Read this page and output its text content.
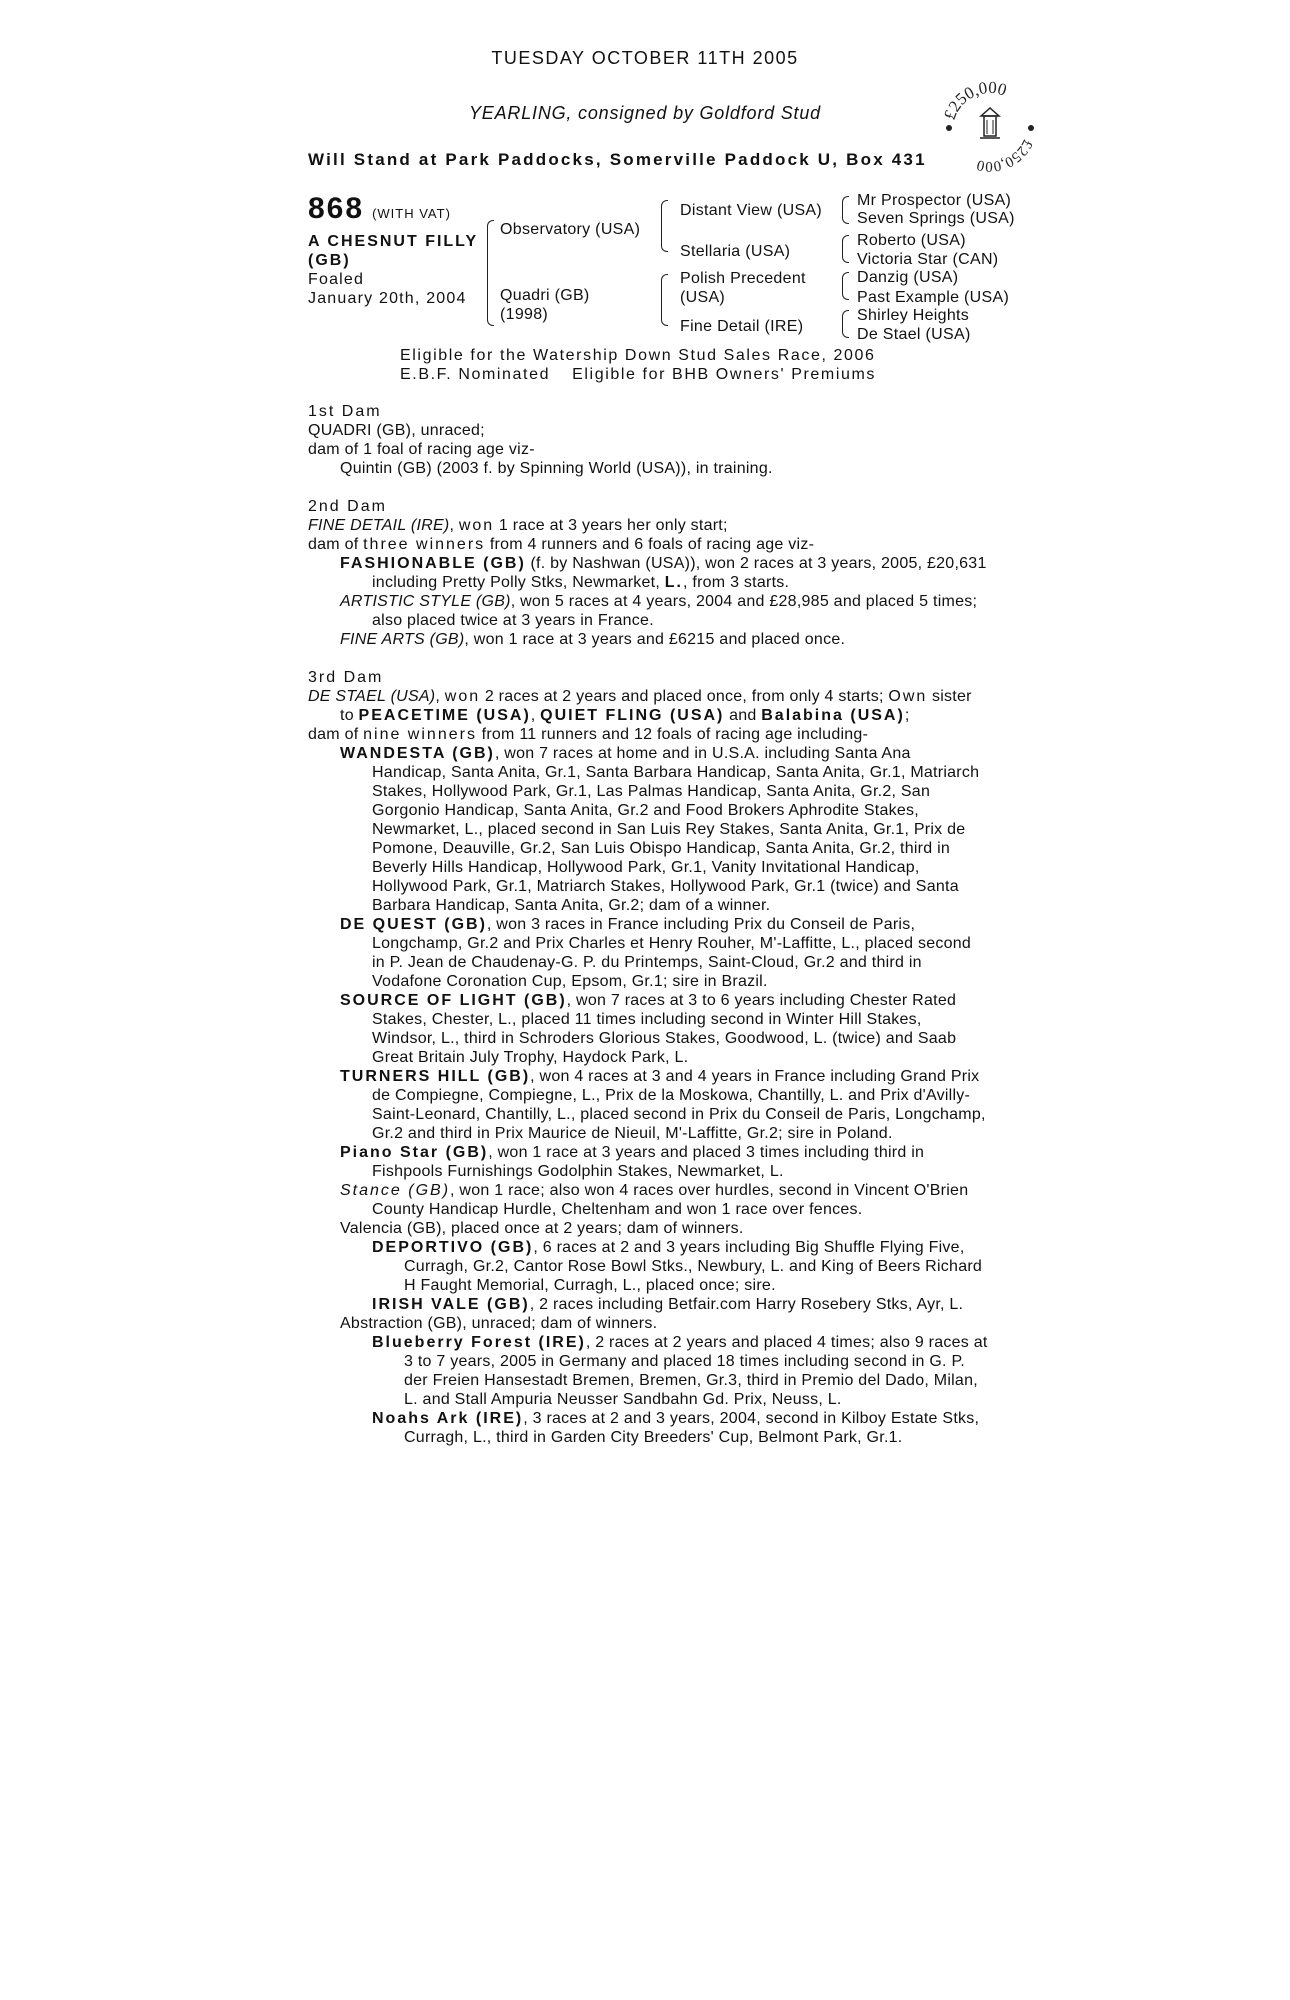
TUESDAY OCTOBER 11TH 2005
YEARLING, consigned by Goldford Stud
Will Stand at Park Paddocks, Somerville Paddock U, Box 431
£250,000
£250,000
868 (WITH VAT)
A CHESNUT FILLY
(GB)
Foaled
January 20th, 2004
Observatory (USA)
Quadri (GB)
(1998)
Distant View (USA)
Stellaria (USA)
Polish Precedent
(USA)
Fine Detail (IRE)
Mr Prospector (USA)
Seven Springs (USA)
Roberto (USA)
Victoria Star (CAN)
Danzig (USA)
Past Example (USA)
Shirley Heights
De Stael (USA)
Eligible for the Watership Down Stud Sales Race, 2006
E.B.F. Nominated Eligible for BHB Owners' Premiums

1st Dam

QUADRI (GB), unraced;

dam of 1 foal of racing age viz-

Quintin (GB) (2003 f. by Spinning World (USA)), in training.

2nd Dam

FINE DETAIL (IRE), won 1 race at 3 years her only start;

dam of three winners from 4 runners and 6 foals of racing age viz-

FASHIONABLE (GB) (f. by Nashwan (USA)), won 2 races at 3 years, 2005, £20,631 including Pretty Polly Stks, Newmarket, L., from 3 starts.

ARTISTIC STYLE (GB), won 5 races at 4 years, 2004 and £28,985 and placed 5 times; also placed twice at 3 years in France.

FINE ARTS (GB), won 1 race at 3 years and £6215 and placed once.

3rd Dam

DE STAEL (USA), won 2 races at 2 years and placed once, from only 4 starts; Own sister to PEACETIME (USA), QUIET FLING (USA) and Balabina (USA);

dam of nine winners from 11 runners and 12 foals of racing age including-

WANDESTA (GB), won 7 races at home and in U.S.A. including Santa Ana Handicap, Santa Anita, Gr.1, Santa Barbara Handicap, Santa Anita, Gr.1, Matriarch Stakes, Hollywood Park, Gr.1, Las Palmas Handicap, Santa Anita, Gr.2, San Gorgonio Handicap, Santa Anita, Gr.2 and Food Brokers Aphrodite Stakes, Newmarket, L., placed second in San Luis Rey Stakes, Santa Anita, Gr.1, Prix de Pomone, Deauville, Gr.2, San Luis Obispo Handicap, Santa Anita, Gr.2, third in Beverly Hills Handicap, Hollywood Park, Gr.1, Vanity Invitational Handicap, Hollywood Park, Gr.1, Matriarch Stakes, Hollywood Park, Gr.1 (twice) and Santa Barbara Handicap, Santa Anita, Gr.2; dam of a winner.

DE QUEST (GB), won 3 races in France including Prix du Conseil de Paris, Longchamp, Gr.2 and Prix Charles et Henry Rouher, M'-Laffitte, L., placed second in P. Jean de Chaudenay-G. P. du Printemps, Saint-Cloud, Gr.2 and third in Vodafone Coronation Cup, Epsom, Gr.1; sire in Brazil.

SOURCE OF LIGHT (GB), won 7 races at 3 to 6 years including Chester Rated Stakes, Chester, L., placed 11 times including second in Winter Hill Stakes, Windsor, L., third in Schroders Glorious Stakes, Goodwood, L. (twice) and Saab Great Britain July Trophy, Haydock Park, L.

TURNERS HILL (GB), won 4 races at 3 and 4 years in France including Grand Prix de Compiegne, Compiegne, L., Prix de la Moskowa, Chantilly, L. and Prix d'Avilly-Saint-Leonard, Chantilly, L., placed second in Prix du Conseil de Paris, Longchamp, Gr.2 and third in Prix Maurice de Nieuil, M'-Laffitte, Gr.2; sire in Poland.

Piano Star (GB), won 1 race at 3 years and placed 3 times including third in Fishpools Furnishings Godolphin Stakes, Newmarket, L.

Stance (GB), won 1 race; also won 4 races over hurdles, second in Vincent O'Brien County Handicap Hurdle, Cheltenham and won 1 race over fences.

Valencia (GB), placed once at 2 years; dam of winners.

DEPORTIVO (GB), 6 races at 2 and 3 years including Big Shuffle Flying Five, Curragh, Gr.2, Cantor Rose Bowl Stks., Newbury, L. and King of Beers Richard H Faught Memorial, Curragh, L., placed once; sire.

IRISH VALE (GB), 2 races including Betfair.com Harry Rosebery Stks, Ayr, L.

Abstraction (GB), unraced; dam of winners.

Blueberry Forest (IRE), 2 races at 2 years and placed 4 times; also 9 races at 3 to 7 years, 2005 in Germany and placed 18 times including second in G. P. der Freien Hansestadt Bremen, Bremen, Gr.3, third in Premio del Dado, Milan, L. and Stall Ampuria Neusser Sandbahn Gd. Prix, Neuss, L.

Noahs Ark (IRE), 3 races at 2 and 3 years, 2004, second in Kilboy Estate Stks, Curragh, L., third in Garden City Breeders' Cup, Belmont Park, Gr.1.
